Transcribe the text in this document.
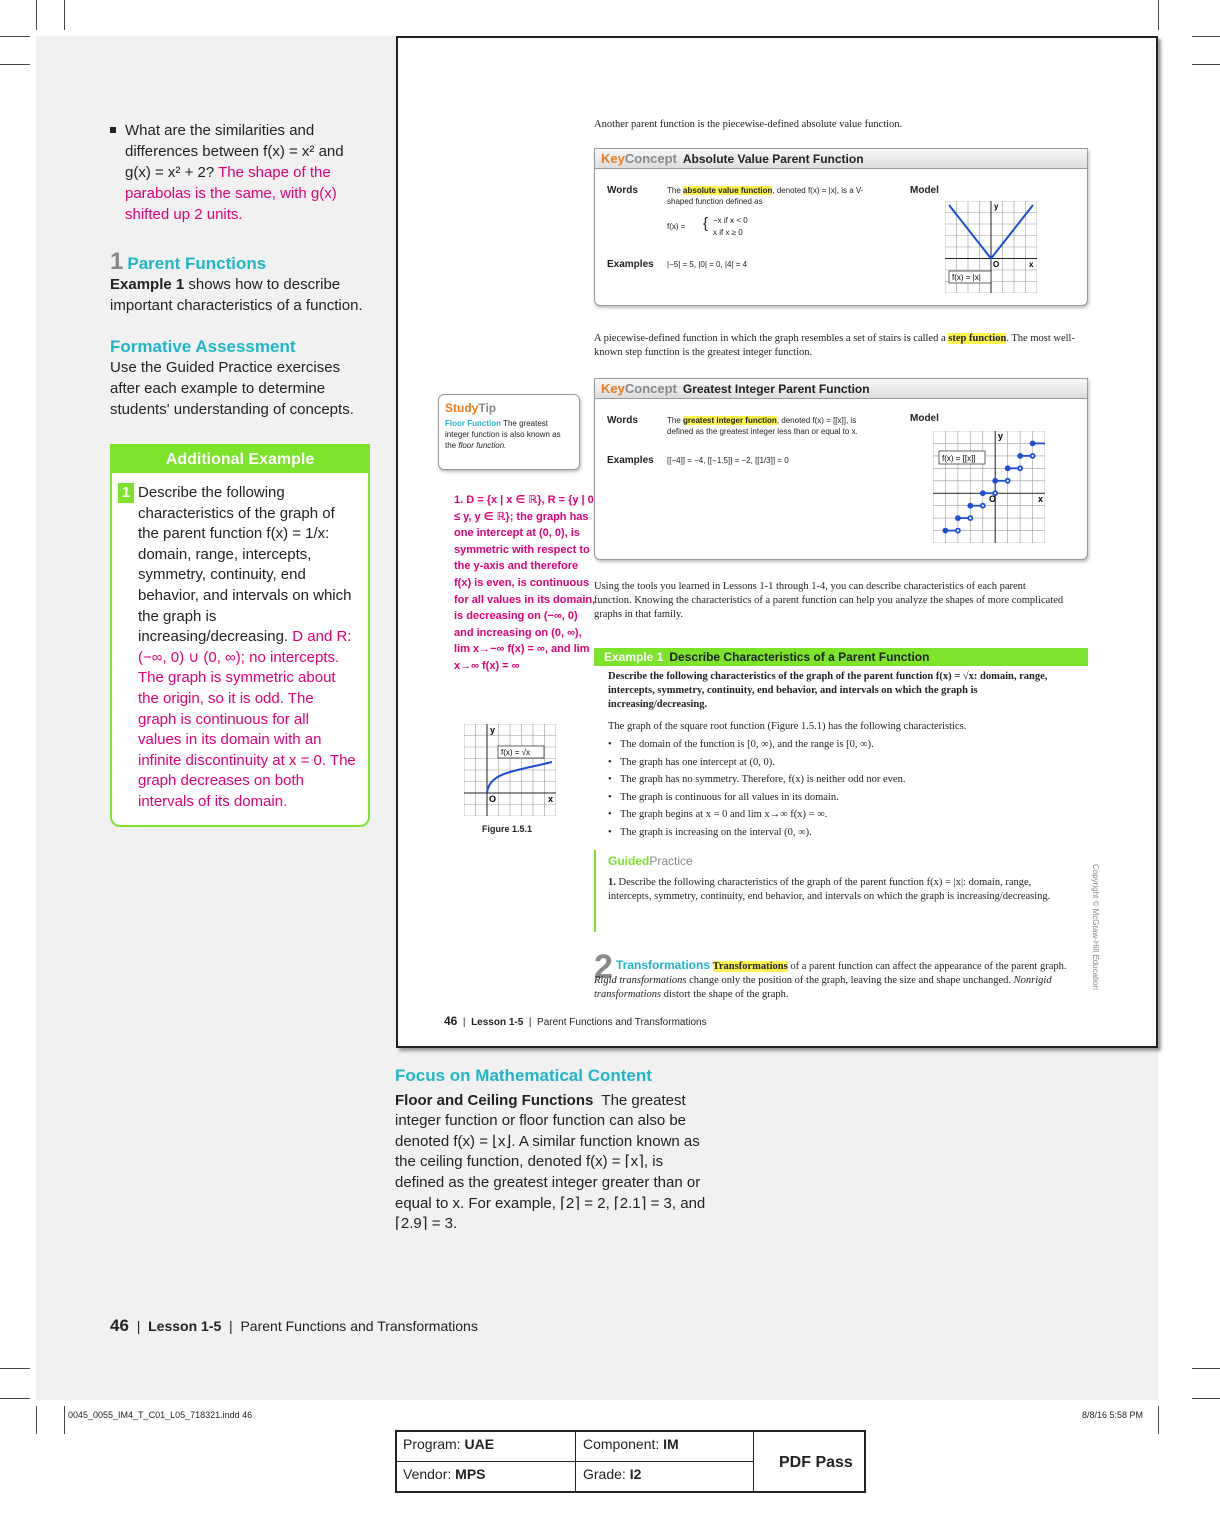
What are the similarities and differences between f(x) = x² and g(x) = x² + 2? The shape of the parabolas is the same, with g(x) shifted up 2 units.
1 Parent Functions
Example 1 shows how to describe important characteristics of a function.
Formative Assessment
Use the Guided Practice exercises after each example to determine students' understanding of concepts.
Additional Example
1 Describe the following characteristics of the graph of the parent function f(x) = 1/x: domain, range, intercepts, symmetry, continuity, end behavior, and intervals on which the graph is increasing/decreasing. D and R: (−∞, 0) ∪ (0, ∞); no intercepts. The graph is symmetric about the origin, so it is odd. The graph is continuous for all values in its domain with an infinite discontinuity at x = 0. The graph decreases on both intervals of its domain.
Another parent function is the piecewise-defined absolute value function.
KeyConcept Absolute Value Parent Function
Words	The absolute value function, denoted f(x) = |x|, is a V-shaped function defined as
f(x) = { −x if x < 0
x if x ≥ 0
Examples |−5| = 5, |0| = 0, |4| = 4
Model
f(x) = |x|
O	x
y
A piecewise-defined function in which the graph resembles a set of stairs is called a step function. The most well-known step function is the greatest integer function.
KeyConcept Greatest Integer Parent Function
Words	The greatest integer function, denoted f(x) = [[x]], is defined as the greatest integer less than or equal to x.
Examples [[−4]] = −4, [[−1.5]] = −2, [[1/3]] = 0
Model
f(x) = [[x]]
O	x
y
StudyTip
Floor Function The greatest integer function is also known as the floor function.
1. D = {x | x ∈ ℝ}, R = {y | 0 ≤ y, y ∈ ℝ}; the graph has one intercept at (0, 0), is symmetric with respect to the y-axis and therefore f(x) is even, is continuous for all values in its domain, is decreasing on (−∞, 0) and increasing on (0, ∞), lim x→−∞ f(x) = ∞, and lim x→∞ f(x) = ∞
f(x) = √x
O	x
y
Figure 1.5.1
Using the tools you learned in Lessons 1-1 through 1-4, you can describe characteristics of each parent function. Knowing the characteristics of a parent function can help you analyze the shapes of more complicated graphs in that family.
Example 1 Describe Characteristics of a Parent Function
Describe the following characteristics of the graph of the parent function f(x) = √x: domain, range, intercepts, symmetry, continuity, end behavior, and intervals on which the graph is increasing/decreasing.
The graph of the square root function (Figure 1.5.1) has the following characteristics.
• The domain of the function is [0, ∞), and the range is [0, ∞).
• The graph has one intercept at (0, 0).
• The graph has no symmetry. Therefore, f(x) is neither odd nor even.
• The graph is continuous for all values in its domain.
• The graph begins at x = 0 and lim x→∞ f(x) = ∞.
• The graph is increasing on the interval (0, ∞).
GuidedPractice
1. Describe the following characteristics of the graph of the parent function f(x) = |x|: domain, range, intercepts, symmetry, continuity, end behavior, and intervals on which the graph is increasing/decreasing.
2 Transformations Transformations of a parent function can affect the appearance of the parent graph. Rigid transformations change only the position of the graph, leaving the size and shape unchanged. Nonrigid transformations distort the shape of the graph.
Copyright © McGraw-Hill Education
46  |  Lesson 1-5  |  Parent Functions and Transformations
Focus on Mathematical Content
Floor and Ceiling Functions The greatest integer function or floor function can also be denoted f(x) = ⌊x⌋. A similar function known as the ceiling function, denoted f(x) = ⌈x⌉, is defined as the greatest integer greater than or equal to x. For example, ⌈2⌉ = 2, ⌈2.1⌉ = 3, and ⌈2.9⌉ = 3.
46  |  Lesson 1-5  |  Parent Functions and Transformations
0045_0055_IM4_T_C01_L05_718321.indd 46	8/8/16 5:58 PM
Program: UAE	Component: IM
Vendor: MPS	Grade: I2
PDF Pass
